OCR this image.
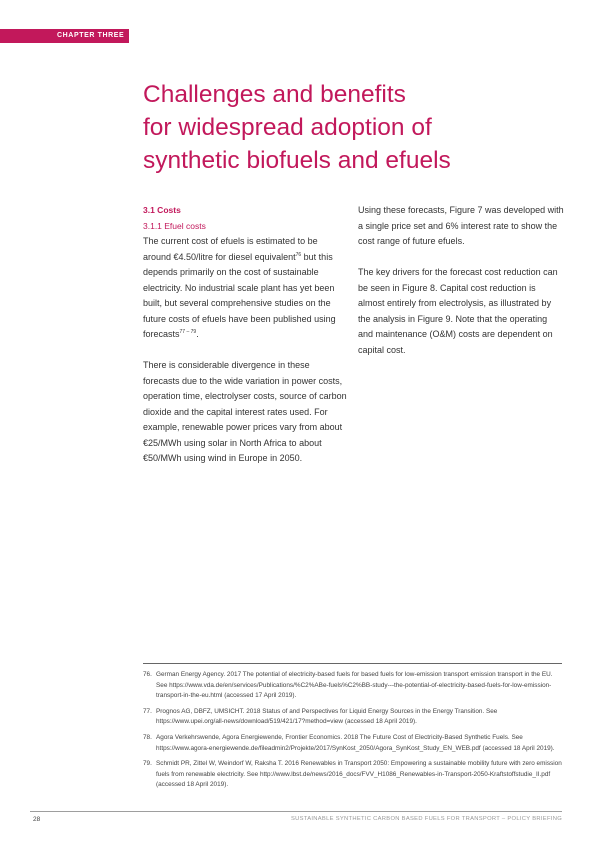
CHAPTER THREE
Challenges and benefits
for widespread adoption of
synthetic biofuels and efuels

3.1 Costs

3.1.1 Efuel costs

The current cost of efuels is estimated to be around €4.50/litre for diesel equivalent$^{76}$ but this depends primarily on the cost of sustainable electricity. No industrial scale plant has yet been built, but several comprehensive studies on the future costs of efuels have been published using forecasts$^{77 - 79}$.

There is considerable divergence in these forecasts due to the wide variation in power costs, operation time, electrolyser costs, source of carbon dioxide and the capital interest rates used. For example, renewable power prices vary from about €25/MWh using solar in North Africa to about €50/MWh using wind in Europe in 2050.

Using these forecasts, Figure 7 was developed with a single price set and 6% interest rate to show the cost range of future efuels.

The key drivers for the forecast cost reduction can be seen in Figure 8. Capital cost reduction is almost entirely from electrolysis, as illustrated by the analysis in Figure 9. Note that the operating and maintenance (O&M) costs are dependent on capital cost.

76. German Energy Agency. 2017 The potential of electricity-based fuels for based fuels for low-emission transport emission transport in the EU. See https://www.vda.de/en/services/Publications/%C2%ABe-fuels%C2%BB-study---the-potential-of-electricity-based-fuels-for-low-emission-transport-in-the-eu.html (accessed 17 April 2019).
77. Prognos AG, DBFZ, UMSICHT. 2018 Status of and Perspectives for Liquid Energy Sources in the Energy Transition. See https://www.upei.org/all-news/download/519/421/17?method=view (accessed 18 April 2019).
78. Agora Verkehrswende, Agora Energiewende, Frontier Economics. 2018 The Future Cost of Electricity-Based Synthetic Fuels. See https://www.agora-energiewende.de/fileadmin2/Projekte/2017/SynKost_2050/Agora_SynKost_Study_EN_WEB.pdf (accessed 18 April 2019).
79. Schmidt PR, Zittel W, Weindorf W, Raksha T. 2016 Renewables in Transport 2050: Empowering a sustainable mobility future with zero emission fuels from renewable electricity. See http://www.lbst.de/news/2016_docs/FVV_H1086_Renewables-in-Transport-2050-Kraftstoffstudie_II.pdf (accessed 18 April 2019).
28	SUSTAINABLE SYNTHETIC CARBON BASED FUELS FOR TRANSPORT – POLICY BRIEFING
